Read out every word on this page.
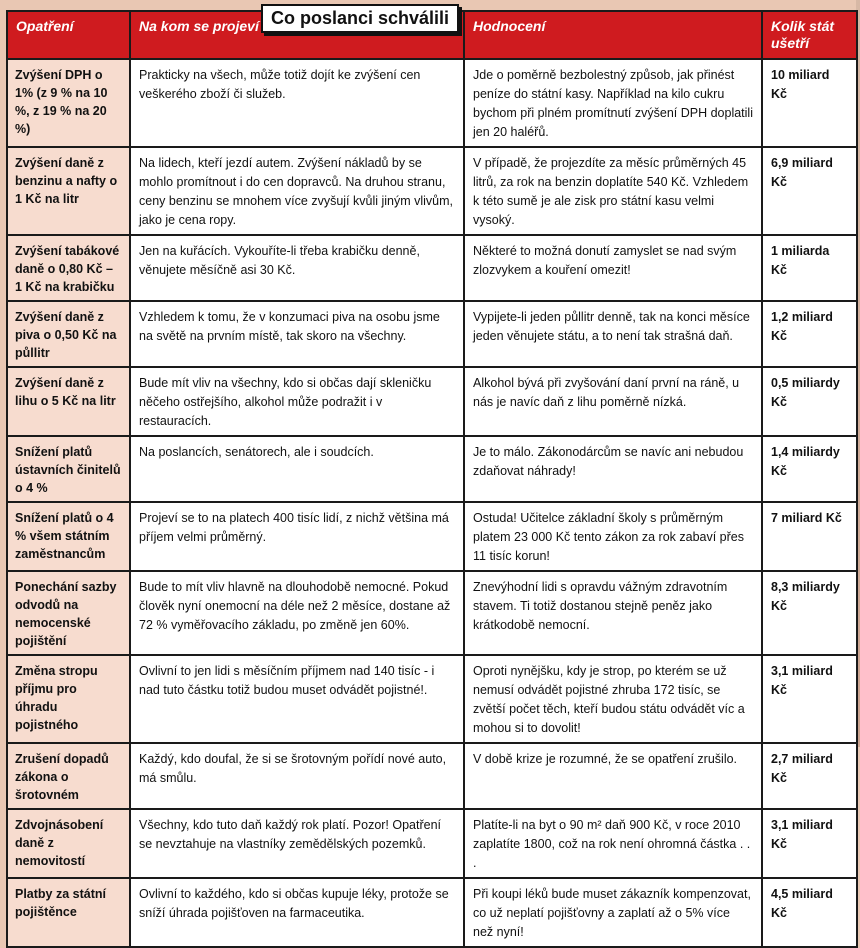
Opatření	Na kom se projeví Co poslanci schválili	Hodnocení	Kolik stát ušetří
Zvýšení DPH o 1% (z 9 % na 10 %, z 19 % na 20 %)	Prakticky na všech, může totiž dojít ke zvýšení cen veškerého zboží či služeb.	Jde o poměrně bezbolestný způsob, jak přinést peníze do státní kasy. Například na kilo cukru bychom při plném promítnutí zvýšení DPH doplatili jen 20 haléřů.	10 miliard Kč
Zvýšení daně z benzinu a nafty o 1 Kč na litr	Na lidech, kteří jezdí autem. Zvýšení nákladů by se mohlo promítnout i do cen dopravců. Na druhou stranu, ceny benzinu se mnohem více zvyšují kvůli jiným vlivům, jako je cena ropy.	V případě, že projezdíte za měsíc průměrných 45 litrů, za rok na benzin doplatíte 540 Kč. Vzhledem k této sumě je ale zisk pro státní kasu velmi vysoký.	6,9 miliard Kč
Zvýšení tabákové daně o 0,80 Kč – 1 Kč na krabičku	Jen na kuřácích. Vykouříte-li třeba krabičku denně, věnujete měsíčně asi 30 Kč.	Některé to možná donutí zamyslet se nad svým zlozvykem a kouření omezit!	1 miliarda Kč
Zvýšení daně z piva o 0,50 Kč na půllitr	Vzhledem k tomu, že v konzumaci piva na osobu jsme na světě na prvním místě, tak skoro na všechny.	Vypijete-li jeden půllitr denně, tak na konci měsíce jeden věnujete státu, a to není tak strašná daň.	1,2 miliard Kč
Zvýšení daně z lihu o 5 Kč na litr	Bude mít vliv na všechny, kdo si občas dají skleničku něčeho ostřejšího, alkohol může podražit i v restauracích.	Alkohol bývá při zvyšování daní první na ráně, u nás je navíc daň z lihu poměrně nízká.	0,5 miliardy Kč
Snížení platů ústavních činitelů o 4 %	Na poslancích, senátorech, ale i soudcích.	Je to málo. Zákonodárcům se navíc ani nebudou zdaňovat náhrady!	1,4 miliardy Kč
Snížení platů o 4 % všem státním zaměstnancům	Projeví se to na platech 400 tisíc lidí, z nichž většina má příjem velmi průměrný.	Ostuda! Učitelce základní školy s průměrným platem 23 000 Kč tento zákon za rok zabaví přes 11 tisíc korun!	7 miliard Kč
Ponechání sazby odvodů na nemocenské pojištění	Bude to mít vliv hlavně na dlouhodobě nemocné. Pokud člověk nyní onemocní na déle než 2 měsíce, dostane až 72 % vyměřovacího základu, po změně jen 60%.	Znevýhodní lidi s opravdu vážným zdravotním stavem. Ti totiž dostanou stejně peněz jako krátkodobě nemocní.	8,3 miliardy Kč
Změna stropu příjmu pro úhradu pojistného	Ovlivní to jen lidi s měsíčním příjmem nad 140 tisíc - i nad tuto částku totiž budou muset odvádět pojistné!.	Oproti nynějšku, kdy je strop, po kterém se už nemusí odvádět pojistné zhruba 172 tisíc, se zvětší počet těch, kteří budou státu odvádět víc a mohou si to dovolit!	3,1 miliard Kč
Zrušení dopadů zákona o šrotovném	Každý, kdo doufal, že si se šrotovným pořídí nové auto, má smůlu.	V době krize je rozumné, že se opatření zrušilo.	2,7 miliard Kč
Zdvojnásobení daně z nemovitostí	Všechny, kdo tuto daň každý rok platí. Pozor! Opatření se nevztahuje na vlastníky zemědělských pozemků.	Platíte-li na byt o 90 m² daň 900 Kč, v roce 2010 zaplatíte 1800, což na rok není ohromná částka . . .	3,1 miliard Kč
Platby za státní pojištěnce	Ovlivní to každého, kdo si občas kupuje léky, protože se sníží úhrada pojišťoven na farmaceutika.	Při koupi léků bude muset zákazník kompenzovat, co už neplatí pojišťovny a zaplatí až o 5% více než nyní!	4,5 miliard Kč
